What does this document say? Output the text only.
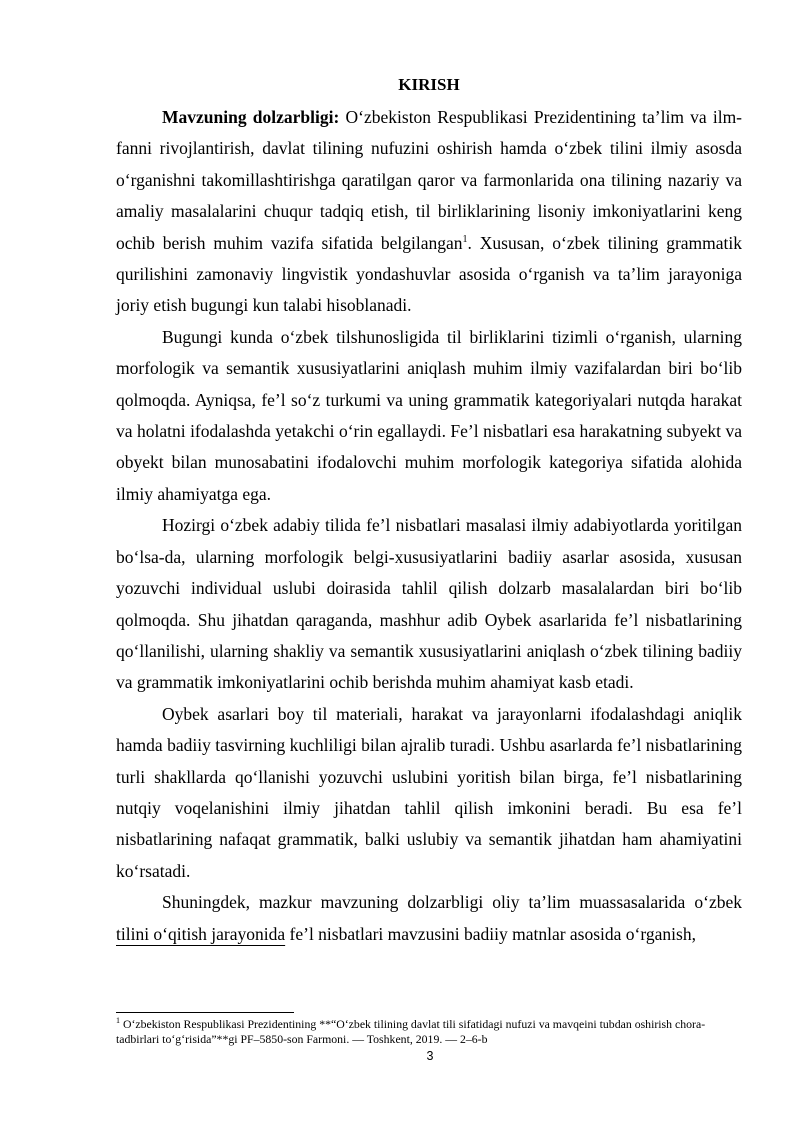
KIRISH

Mavzuning dolzarbligi: O‘zbekiston Respublikasi Prezidentining ta’lim va ilm-fanni rivojlantirish, davlat tilining nufuzini oshirish hamda o‘zbek tilini ilmiy asosda o‘rganishni takomillashtirishga qaratilgan qaror va farmonlarida ona tilining nazariy va amaliy masalalarini chuqur tadqiq etish, til birliklarining lisoniy imkoniyatlarini keng ochib berish muhim vazifa sifatida belgilangan$^1$. Xususan, o‘zbek tilining grammatik qurilishini zamonaviy lingvistik yondashuvlar asosida o‘rganish va ta’lim jarayoniga joriy etish bugungi kun talabi hisoblanadi.

Bugungi kunda o‘zbek tilshunosligida til birliklarini tizimli o‘rganish, ularning morfologik va semantik xususiyatlarini aniqlash muhim ilmiy vazifalardan biri bo‘lib qolmoqda. Ayniqsa, fe’l so‘z turkumi va uning grammatik kategoriyalari nutqda harakat va holatni ifodalashda yetakchi o‘rin egallaydi. Fe’l nisbatlari esa harakatning subyekt va obyekt bilan munosabatini ifodalovchi muhim morfologik kategoriya sifatida alohida ilmiy ahamiyatga ega.

Hozirgi o‘zbek adabiy tilida fe’l nisbatlari masalasi ilmiy adabiyotlarda yoritilgan bo‘lsa-da, ularning morfologik belgi-xususiyatlarini badiiy asarlar asosida, xususan yozuvchi individual uslubi doirasida tahlil qilish dolzarb masalalardan biri bo‘lib qolmoqda. Shu jihatdan qaraganda, mashhur adib Oybek asarlarida fe’l nisbatlarining qo‘llanilishi, ularning shakliy va semantik xususiyatlarini aniqlash o‘zbek tilining badiiy va grammatik imkoniyatlarini ochib berishda muhim ahamiyat kasb etadi.

Oybek asarlari boy til materiali, harakat va jarayonlarni ifodalashdagi aniqlik hamda badiiy tasvirning kuchliligi bilan ajralib turadi. Ushbu asarlarda fe’l nisbatlarining turli shakllarda qo‘llanishi yozuvchi uslubini yoritish bilan birga, fe’l nisbatlarining nutqiy voqelanishini ilmiy jihatdan tahlil qilish imkonini beradi. Bu esa fe’l nisbatlarining nafaqat grammatik, balki uslubiy va semantik jihatdan ham ahamiyatini ko‘rsatadi.

Shuningdek, mazkur mavzuning dolzarbligi oliy ta’lim muassasalarida o‘zbek tilini o‘qitish jarayonida fe’l nisbatlari mavzusini badiiy matnlar asosida o‘rganish,

$^1$ O‘zbekiston Respublikasi Prezidentining **“O‘zbek tilining davlat tili sifatidagi nufuzi va mavqeini tubdan oshirish chora-tadbirlari to‘g‘risida”**gi PF–5850-son Farmoni. — Toshkent, 2019. — 2–6-b

3
